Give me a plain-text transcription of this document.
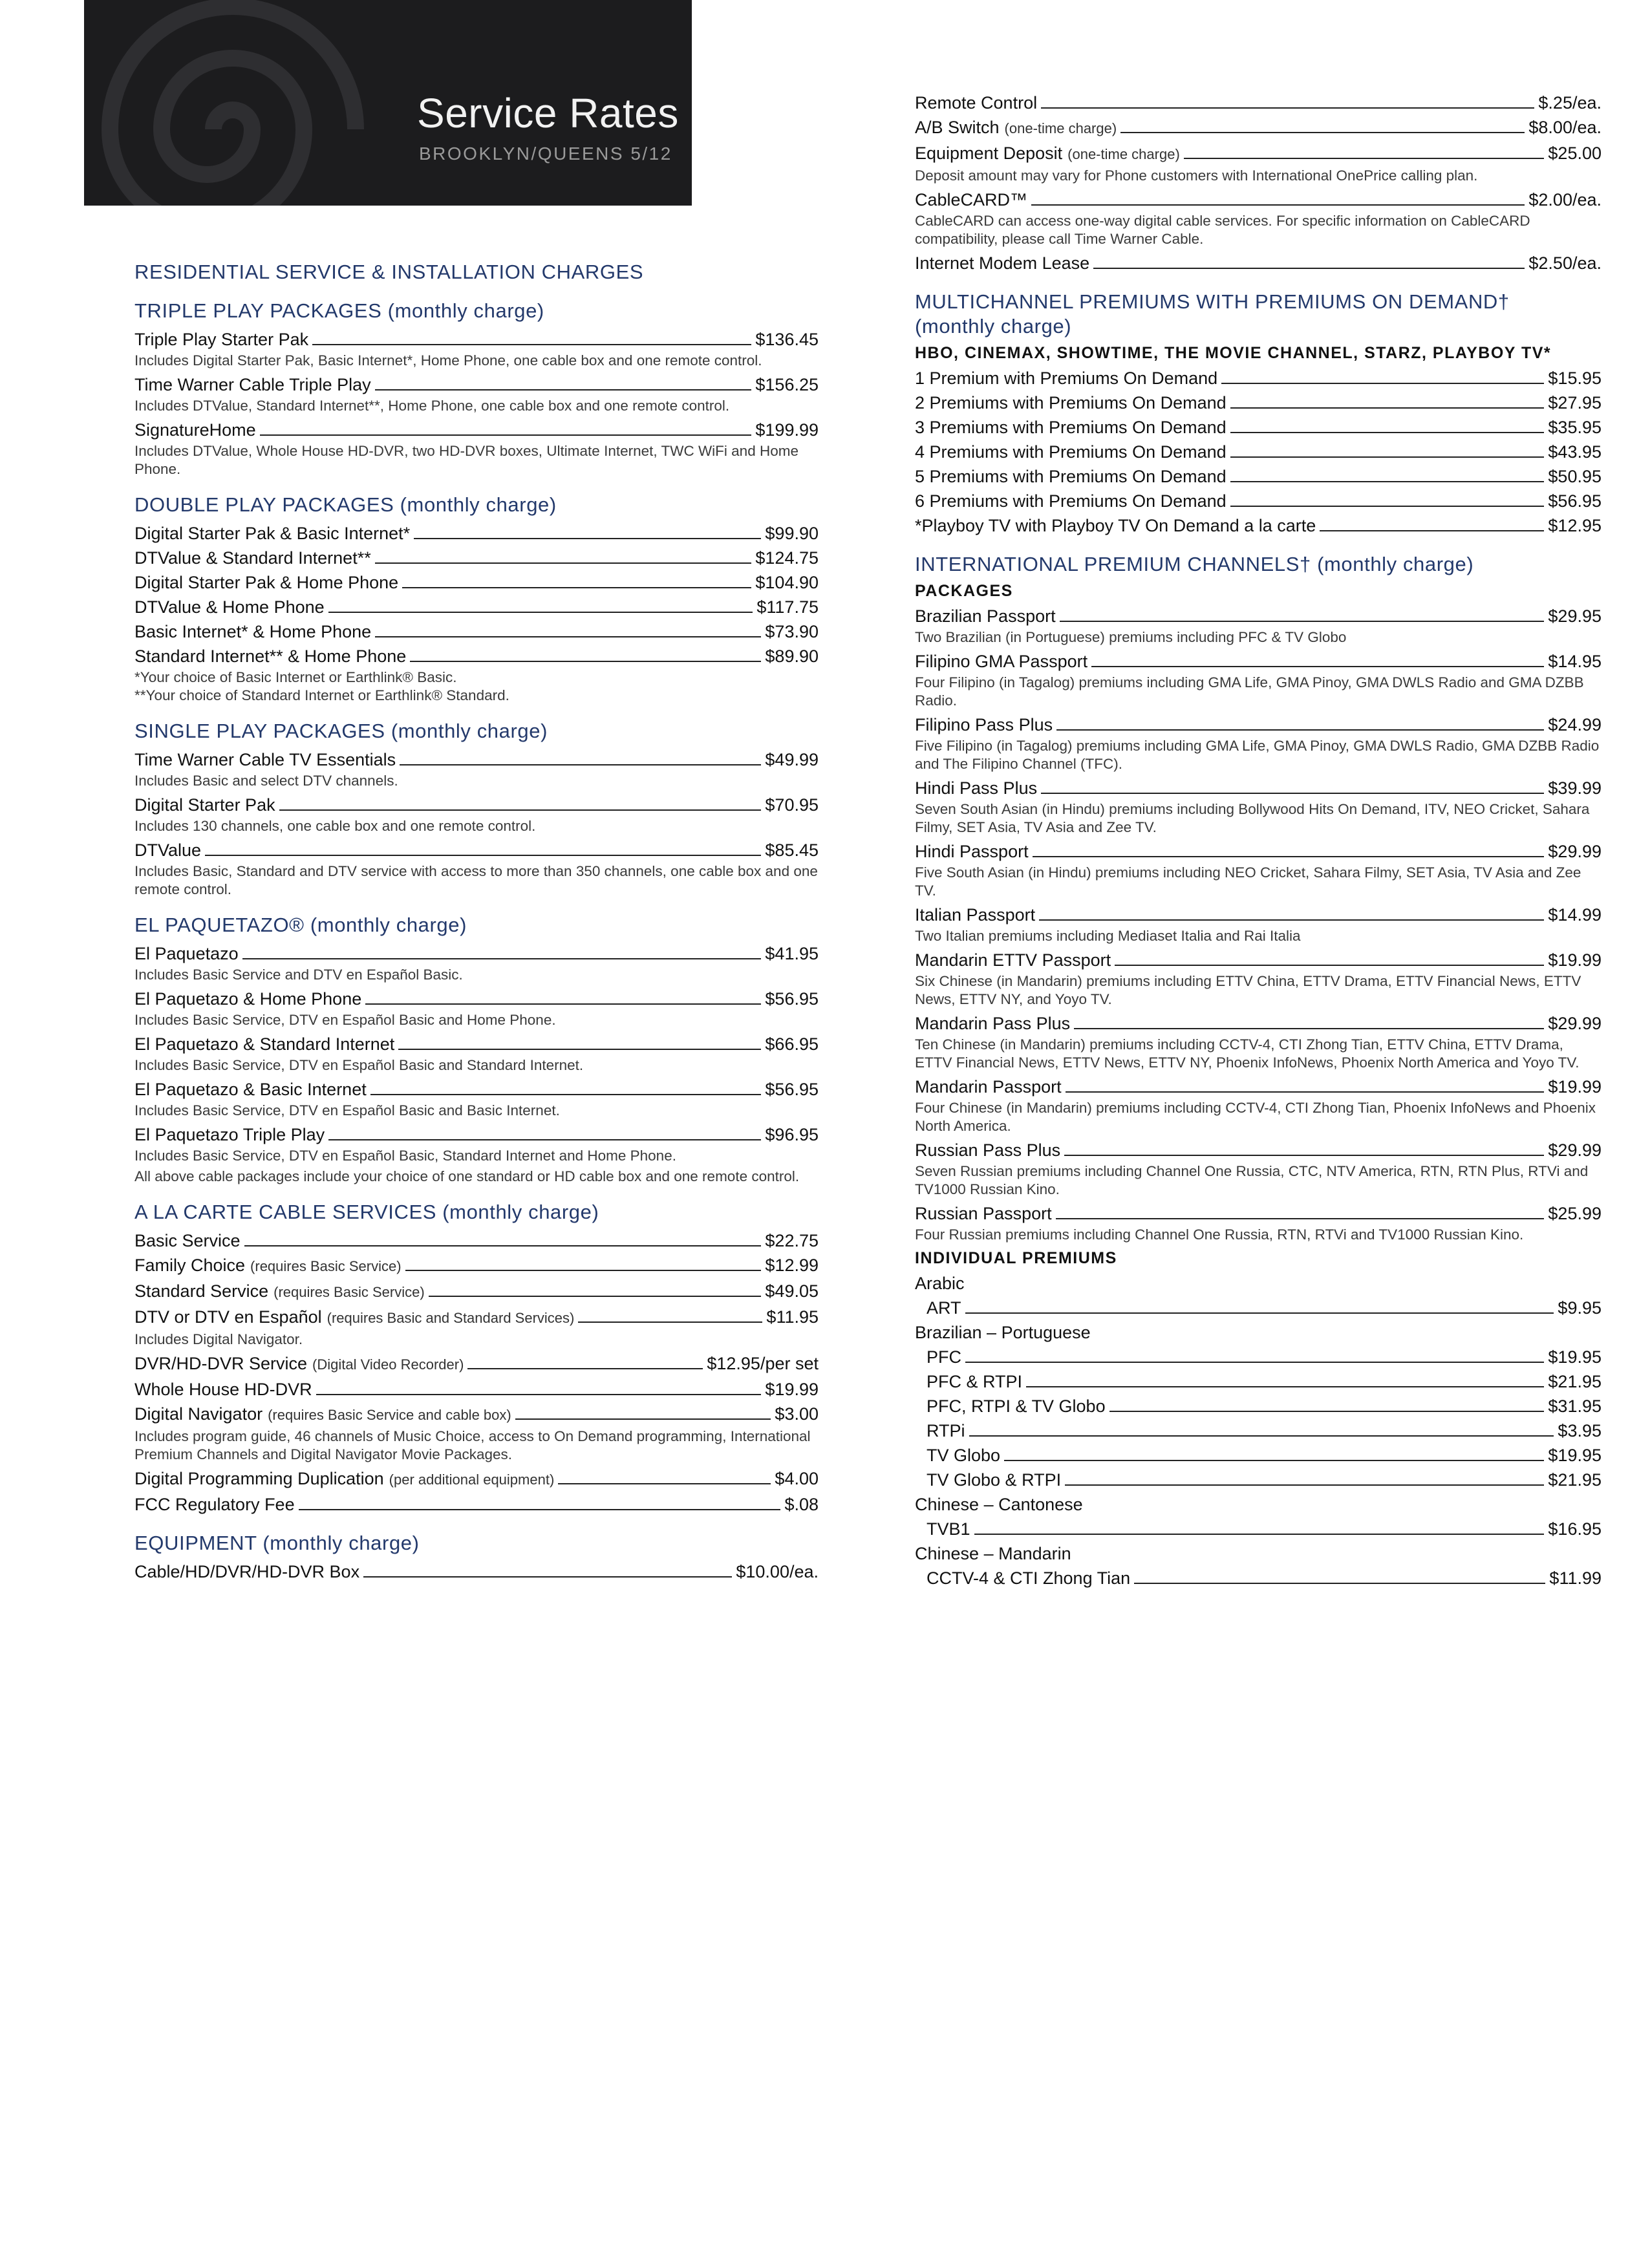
Service Rates
BROOKLYN/QUEENS 5/12
RESIDENTIAL SERVICE & INSTALLATION CHARGES
TRIPLE PLAY PACKAGES (monthly charge)
Triple Play Starter Pak	$136.45
Includes Digital Starter Pak, Basic Internet*, Home Phone, one cable box and one remote control.
Time Warner Cable Triple Play	$156.25
Includes DTValue, Standard Internet**, Home Phone, one cable box and one remote control.
SignatureHome	$199.99
Includes DTValue, Whole House HD-DVR, two HD-DVR boxes, Ultimate Internet, TWC WiFi and Home Phone.
DOUBLE PLAY PACKAGES (monthly charge)
Digital Starter Pak & Basic Internet*	$99.90
DTValue & Standard Internet**	$124.75
Digital Starter Pak & Home Phone	$104.90
DTValue & Home Phone	$117.75
Basic Internet* & Home Phone	$73.90
Standard Internet** & Home Phone	$89.90
*Your choice of Basic Internet or Earthlink® Basic.
**Your choice of Standard Internet or Earthlink® Standard.
SINGLE PLAY PACKAGES (monthly charge)
Time Warner Cable TV Essentials	$49.99
Includes Basic and select DTV channels.
Digital Starter Pak	$70.95
Includes 130 channels, one cable box and one remote control.
DTValue	$85.45
Includes Basic, Standard and DTV service with access to more than 350 channels, one cable box and one remote control.
EL PAQUETAZO® (monthly charge)
El Paquetazo	$41.95
Includes Basic Service and DTV en Español Basic.
El Paquetazo & Home Phone	$56.95
Includes Basic Service, DTV en Español Basic and Home Phone.
El Paquetazo & Standard Internet	$66.95
Includes Basic Service, DTV en Español Basic and Standard Internet.
El Paquetazo & Basic Internet	$56.95
Includes Basic Service, DTV en Español Basic and Basic Internet.
El Paquetazo Triple Play	$96.95
Includes Basic Service, DTV en Español Basic, Standard Internet and Home Phone.
All above cable packages include your choice of one standard or HD cable box and one remote control.
A LA CARTE CABLE SERVICES (monthly charge)
Basic Service	$22.75
Family Choice (requires Basic Service)	$12.99
Standard Service (requires Basic Service)	$49.05
DTV or DTV en Español (requires Basic and Standard Services)	$11.95
Includes Digital Navigator.
DVR/HD-DVR Service (Digital Video Recorder)	$12.95/per set
Whole House HD-DVR	$19.99
Digital Navigator (requires Basic Service and cable box)	$3.00
Includes program guide, 46 channels of Music Choice, access to On Demand programming, International Premium Channels and Digital Navigator Movie Packages.
Digital Programming Duplication (per additional equipment)	$4.00
FCC Regulatory Fee	$.08
EQUIPMENT (monthly charge)
Cable/HD/DVR/HD-DVR Box	$10.00/ea.
Remote Control	$.25/ea.
A/B Switch (one-time charge)	$8.00/ea.
Equipment Deposit (one-time charge)	$25.00
Deposit amount may vary for Phone customers with International OnePrice calling plan.
CableCARD™	$2.00/ea.
CableCARD can access one-way digital cable services. For specific information on CableCARD compatibility, please call Time Warner Cable.
Internet Modem Lease	$2.50/ea.
MULTICHANNEL PREMIUMS WITH PREMIUMS ON DEMAND†
(monthly charge)
HBO, CINEMAX, SHOWTIME, THE MOVIE CHANNEL, STARZ, PLAYBOY TV*
1 Premium with Premiums On Demand	$15.95
2 Premiums with Premiums On Demand	$27.95
3 Premiums with Premiums On Demand	$35.95
4 Premiums with Premiums On Demand	$43.95
5 Premiums with Premiums On Demand	$50.95
6 Premiums with Premiums On Demand	$56.95
*Playboy TV with Playboy TV On Demand a la carte	$12.95
INTERNATIONAL PREMIUM CHANNELS† (monthly charge)
PACKAGES
Brazilian Passport	$29.95
Two Brazilian (in Portuguese) premiums including PFC & TV Globo
Filipino GMA Passport	$14.95
Four Filipino (in Tagalog) premiums including GMA Life, GMA Pinoy, GMA DWLS Radio and GMA DZBB Radio.
Filipino Pass Plus	$24.99
Five Filipino (in Tagalog) premiums including GMA Life, GMA Pinoy, GMA DWLS Radio, GMA DZBB Radio and The Filipino Channel (TFC).
Hindi Pass Plus	$39.99
Seven South Asian (in Hindu) premiums including Bollywood Hits On Demand, ITV, NEO Cricket, Sahara Filmy, SET Asia, TV Asia and Zee TV.
Hindi Passport	$29.99
Five South Asian (in Hindu) premiums including NEO Cricket, Sahara Filmy, SET Asia, TV Asia and Zee TV.
Italian Passport	$14.99
Two Italian premiums including Mediaset Italia and Rai Italia
Mandarin ETTV Passport	$19.99
Six Chinese (in Mandarin) premiums including ETTV China, ETTV Drama, ETTV Financial News, ETTV News, ETTV NY, and Yoyo TV.
Mandarin Pass Plus	$29.99
Ten Chinese (in Mandarin) premiums including CCTV-4, CTI Zhong Tian, ETTV China, ETTV Drama, ETTV Financial News, ETTV News, ETTV NY, Phoenix InfoNews, Phoenix North America and Yoyo TV.
Mandarin Passport	$19.99
Four Chinese (in Mandarin) premiums including CCTV-4, CTI Zhong Tian, Phoenix InfoNews and Phoenix North America.
Russian Pass Plus	$29.99
Seven Russian premiums including Channel One Russia, CTC, NTV America, RTN, RTN Plus, RTVi and TV1000 Russian Kino.
Russian Passport	$25.99
Four Russian premiums including Channel One Russia, RTN, RTVi and TV1000 Russian Kino.
INDIVIDUAL PREMIUMS
Arabic
ART	$9.95
Brazilian – Portuguese
PFC	$19.95
PFC & RTPI	$21.95
PFC, RTPI & TV Globo	$31.95
RTPi	$3.95
TV Globo	$19.95
TV Globo & RTPI	$21.95
Chinese – Cantonese
TVB1	$16.95
Chinese – Mandarin
CCTV-4 & CTI Zhong Tian	$11.99
